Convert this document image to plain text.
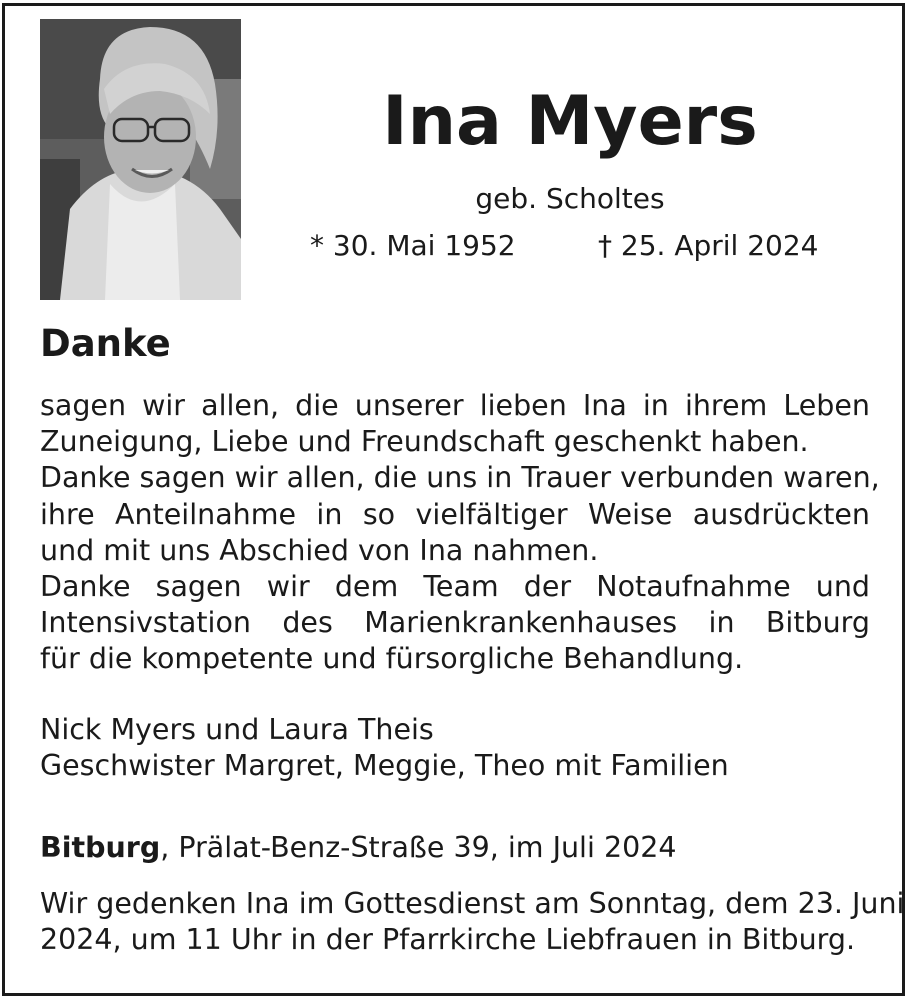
Ina Myers
geb. Scholtes
* 30. Mai 1952	† 25. April 2024
Danke
sagen wir allen, die unserer lieben Ina in ihrem Leben
Zuneigung, Liebe und Freundschaft geschenkt haben.
Danke sagen wir allen, die uns in Trauer verbunden waren,
ihre Anteilnahme in so vielfältiger Weise ausdrückten
und mit uns Abschied von Ina nahmen.
Danke sagen wir dem Team der Notaufnahme und
Intensivstation des Marienkrankenhauses in Bitburg
für die kompetente und fürsorgliche Behandlung.
Nick Myers und Laura Theis
Geschwister Margret, Meggie, Theo mit Familien
Bitburg, Prälat-Benz-Straße 39, im Juli 2024
Wir gedenken Ina im Gottesdienst am Sonntag, dem 23. Juni
2024, um 11 Uhr in der Pfarrkirche Liebfrauen in Bitburg.
